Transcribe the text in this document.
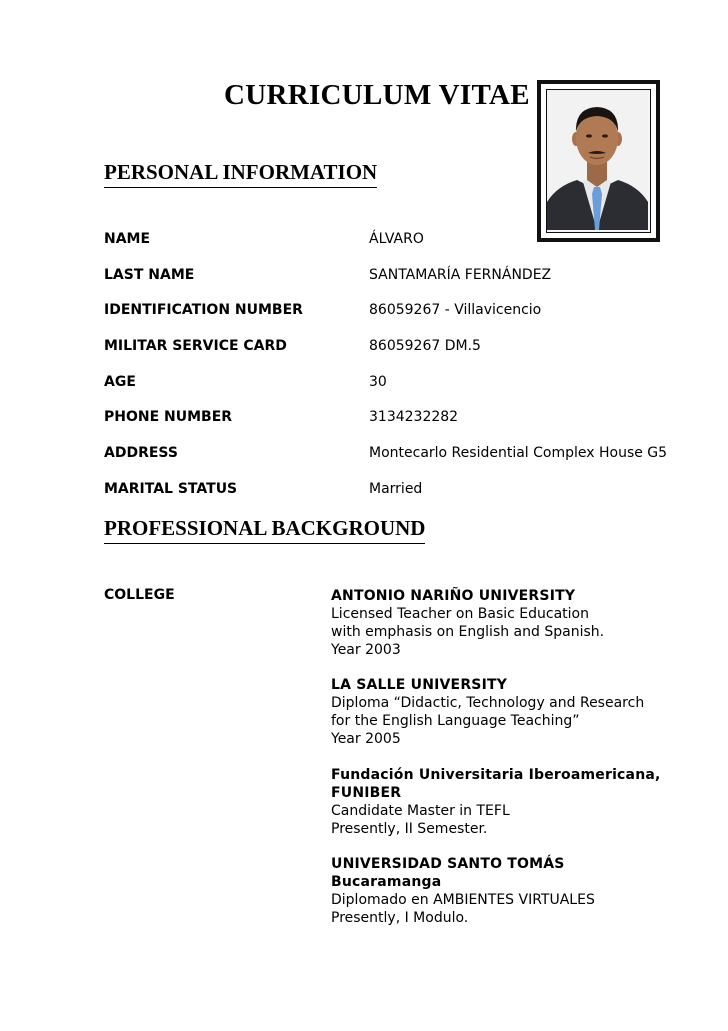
CURRICULUM VITAE
PERSONAL INFORMATION
NAME	ÁLVARO
LAST NAME	SANTAMARÍA FERNÁNDEZ
IDENTIFICATION NUMBER	86059267 - Villavicencio
MILITAR SERVICE CARD	86059267 DM.5
AGE	30
PHONE NUMBER	3134232282
ADDRESS	Montecarlo Residential Complex House G5
MARITAL STATUS	Married
PROFESSIONAL BACKGROUND
COLLEGE	ANTONIO NARIÑO UNIVERSITY
Licensed Teacher on Basic Education
with emphasis on English and Spanish.
Year 2003
LA SALLE UNIVERSITY
Diploma “Didactic, Technology and Research
for the English Language Teaching”
Year 2005
Fundación Universitaria Iberoamericana,
FUNIBER
Candidate Master in TEFL
Presently, II Semester.
UNIVERSIDAD SANTO TOMÁS
Bucaramanga
Diplomado en AMBIENTES VIRTUALES
Presently, I Modulo.
